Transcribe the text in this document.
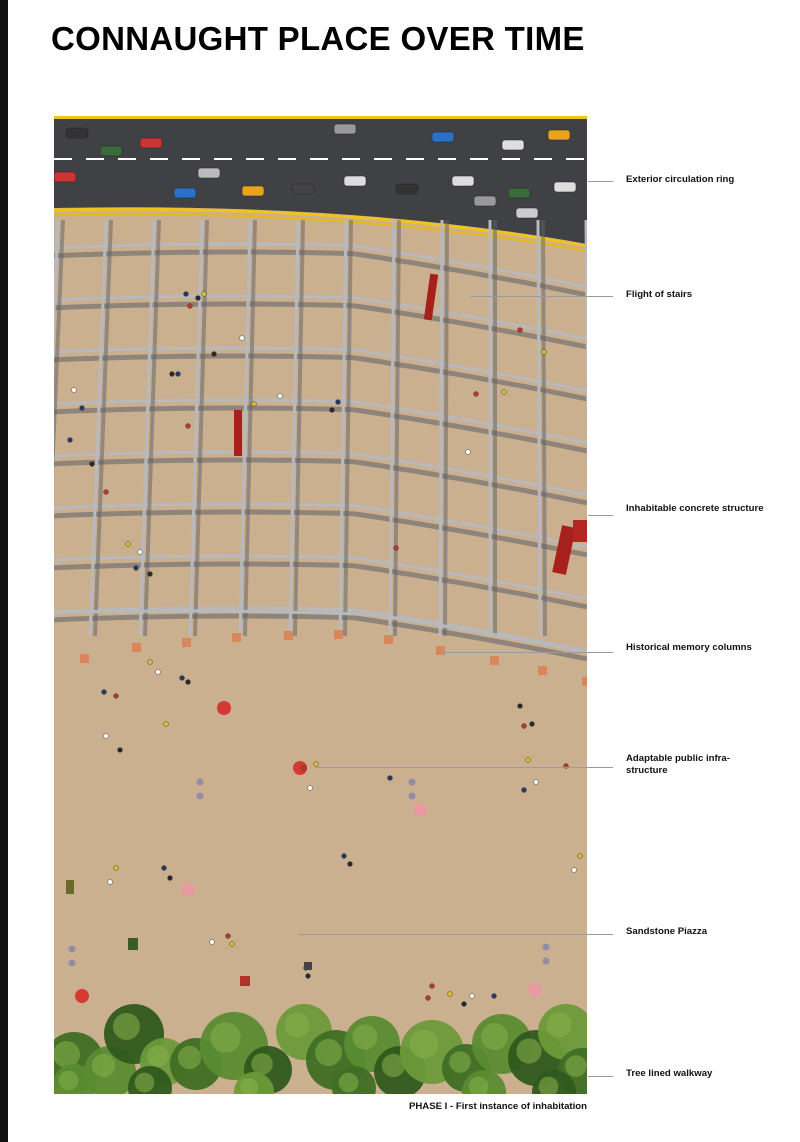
CONNAUGHT PLACE OVER TIME
Exterior circulation ring
Flight of stairs
Inhabitable concrete structure
Historical memory columns
Adaptable public infra-structure
Sandstone Piazza
Tree lined walkway
PHASE I - First instance of inhabitation
